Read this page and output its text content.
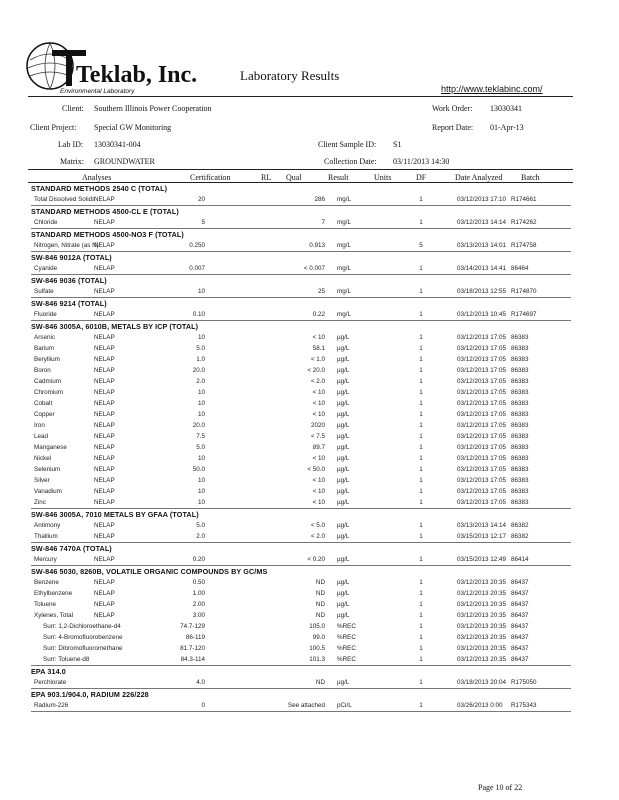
Teklab, Inc.
Environmental Laboratory
Laboratory Results
http://www.teklabinc.com/
Client: Southern Illinois Power Cooperation	Work Order: 13030341
Client Project: Special GW Monitoring	Report Date: 01-Apr-13
Lab ID: 13030341-004	Client Sample ID: S1
Matrix: GROUNDWATER	Collection Date: 03/11/2013 14:30
Analyses	Certification	RL Qual	Result	Units	DF	Date Analyzed Batch
STANDARD METHODS 2540 C (TOTAL)								
Total Dissolved Solids	NELAP	20		286	mg/L	1	03/12/2013 17:10	R174661
STANDARD METHODS 4500-CL E (TOTAL)								
Chloride	NELAP	5		7	mg/L	1	03/12/2013 14:14	R174262
STANDARD METHODS 4500-NO3 F (TOTAL)								
Nitrogen, Nitrate (as N)	NELAP	0.250		0.913	mg/L	5	03/13/2013 14:01	R174758
SW-846 9012A (TOTAL)								
Cyanide	NELAP	0.007		< 0.007	mg/L	1	03/14/2013 14:41	86464
SW-846 9036 (TOTAL)								
Sulfate	NELAP	10		25	mg/L	1	03/18/2013 12:55	R174870
SW-846 9214 (TOTAL)								
Fluoride	NELAP	0.10		0.22	mg/L	1	03/12/2013 10:45	R174697
SW-846 3005A, 6010B, METALS BY ICP (TOTAL)								
Arsenic	NELAP	10		< 10	µg/L	1	03/12/2013 17:05	86383
Barium	NELAP	5.0		58.1	µg/L	1	03/12/2013 17:05	86383
Beryllium	NELAP	1.0		< 1.0	µg/L	1	03/12/2013 17:05	86383
Boron	NELAP	20.0		< 20.0	µg/L	1	03/12/2013 17:05	86383
Cadmium	NELAP	2.0		< 2.0	µg/L	1	03/12/2013 17:05	86383
Chromium	NELAP	10		< 10	µg/L	1	03/12/2013 17:05	86383
Cobalt	NELAP	10		< 10	µg/L	1	03/12/2013 17:05	86383
Copper	NELAP	10		< 10	µg/L	1	03/12/2013 17:05	86383
Iron	NELAP	20.0		2020	µg/L	1	03/12/2013 17:05	86383
Lead	NELAP	7.5		< 7.5	µg/L	1	03/12/2013 17:05	86383
Manganese	NELAP	5.0		89.7	µg/L	1	03/12/2013 17:05	86383
Nickel	NELAP	10		< 10	µg/L	1	03/12/2013 17:05	86383
Selenium	NELAP	50.0		< 50.0	µg/L	1	03/12/2013 17:05	86383
Silver	NELAP	10		< 10	µg/L	1	03/12/2013 17:05	86383
Vanadium	NELAP	10		< 10	µg/L	1	03/12/2013 17:05	86383
Zinc	NELAP	10		< 10	µg/L	1	03/12/2013 17:05	86383
SW-846 3005A, 7010 METALS BY GFAA (TOTAL)								
Antimony	NELAP	5.0		< 5.0	µg/L	1	03/13/2013 14:14	86382
Thallium	NELAP	2.0		< 2.0	µg/L	1	03/15/2013 12:17	86382
SW-846 7470A (TOTAL)								
Mercury	NELAP	0.20		< 0.20	µg/L	1	03/15/2013 12:49	86414
SW-846 5030, 8260B, VOLATILE ORGANIC COMPOUNDS BY GC/MS								
Benzene	NELAP	0.50		ND	µg/L	1	03/12/2013 20:35	86437
Ethylbenzene	NELAP	1.00		ND	µg/L	1	03/12/2013 20:35	86437
Toluene	NELAP	2.00		ND	µg/L	1	03/12/2013 20:35	86437
Xylenes, Total	NELAP	3.00		ND	µg/L	1	03/12/2013 20:35	86437
Surr: 1,2-Dichloroethane-d4		74.7-129		105.0	%REC	1	03/12/2013 20:35	86437
Surr: 4-Bromofluorobenzene		86-119		99.0	%REC	1	03/12/2013 20:35	86437
Surr: Dibromofluoromethane		81.7-120		100.5	%REC	1	03/12/2013 20:35	86437
Surr: Toluene-d8		84.3-114		101.3	%REC	1	03/12/2013 20:35	86437
EPA 314.0								
Perchlorate		4.0		ND	µg/L	1	03/18/2013 20:04	R175050
EPA 903.1/904.0, RADIUM 226/228								
Radium-226		0		See attached	pCi/L	1	03/26/2013 0:00	R175343
Page 10 of 22
